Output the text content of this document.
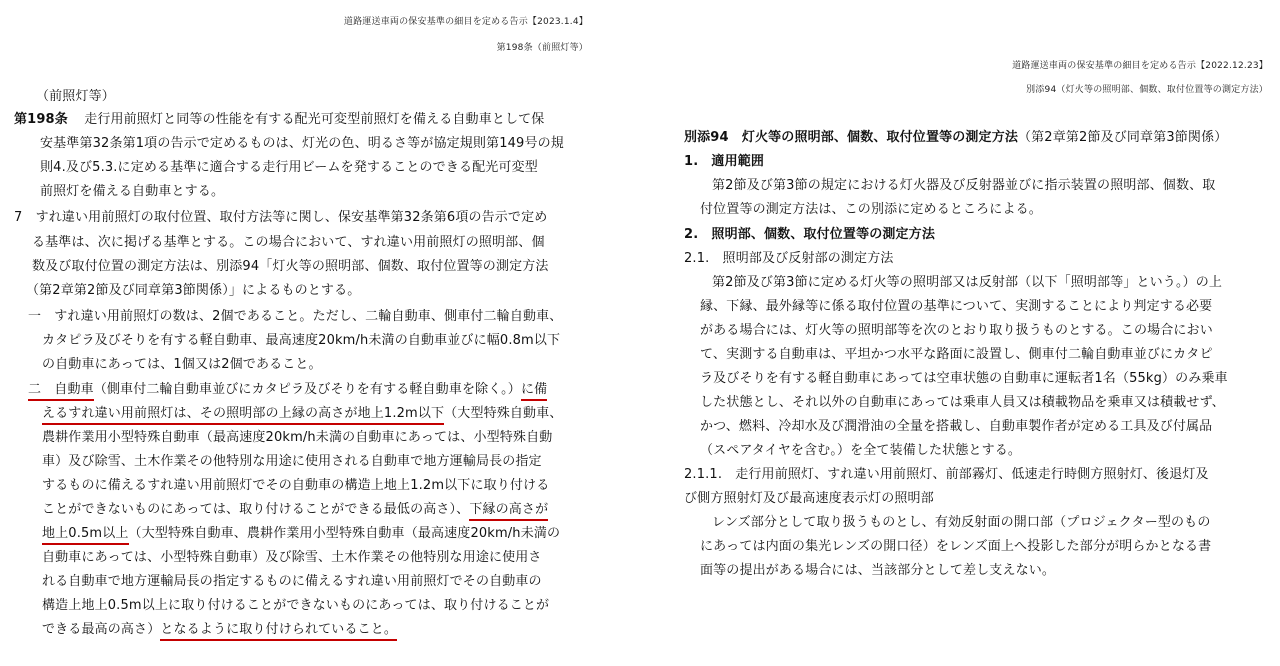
道路運送車両の保安基準の細目を定める告示【2023.1.4】
第198条（前照灯等）
（前照灯等）
第198条 走行用前照灯と同等の性能を有する配光可変型前照灯を備える自動車として保
安基準第32条第1項の告示で定めるものは、灯光の色、明るさ等が協定規則第149号の規
則4.及び5.3.に定める基準に適合する走行用ビームを発することのできる配光可変型
前照灯を備える自動車とする。
7　すれ違い用前照灯の取付位置、取付方法等に関し、保安基準第32条第6項の告示で定め
る基準は、次に掲げる基準とする。この場合において、すれ違い用前照灯の照明部、個
数及び取付位置の測定方法は、別添94「灯火等の照明部、個数、取付位置等の測定方法
（第2章第2節及び同章第3節関係）」によるものとする。
一　すれ違い用前照灯の数は、2個であること。ただし、二輪自動車、側車付二輪自動車、
カタピラ及びそりを有する軽自動車、最高速度20km/h未満の自動車並びに幅0.8m以下
の自動車にあっては、1個又は2個であること。
二　自動車（側車付二輪自動車並びにカタピラ及びそりを有する軽自動車を除く。）に備
えるすれ違い用前照灯は、その照明部の上縁の高さが地上1.2m以下（大型特殊自動車、
農耕作業用小型特殊自動車（最高速度20km/h未満の自動車にあっては、小型特殊自動
車）及び除雪、土木作業その他特別な用途に使用される自動車で地方運輸局長の指定
するものに備えるすれ違い用前照灯でその自動車の構造上地上1.2m以下に取り付ける
ことができないものにあっては、取り付けることができる最低の高さ）、下縁の高さが
地上0.5m以上（大型特殊自動車、農耕作業用小型特殊自動車（最高速度20km/h未満の
自動車にあっては、小型特殊自動車）及び除雪、土木作業その他特別な用途に使用さ
れる自動車で地方運輸局長の指定するものに備えるすれ違い用前照灯でその自動車の
構造上地上0.5m以上に取り付けることができないものにあっては、取り付けることが
できる最高の高さ）となるように取り付けられていること。
道路運送車両の保安基準の細目を定める告示【2022.12.23】
別添94（灯火等の照明部、個数、取付位置等の測定方法）
別添94　灯火等の照明部、個数、取付位置等の測定方法（第2章第2節及び同章第3節関係）
1.　適用範囲
第2節及び第3節の規定における灯火器及び反射器並びに指示装置の照明部、個数、取
付位置等の測定方法は、この別添に定めるところによる。
2.　照明部、個数、取付位置等の測定方法
2.1.　照明部及び反射部の測定方法
第2節及び第3節に定める灯火等の照明部又は反射部（以下「照明部等」という。）の上
縁、下縁、最外縁等に係る取付位置の基準について、実測することにより判定する必要
がある場合には、灯火等の照明部等を次のとおり取り扱うものとする。この場合におい
て、実測する自動車は、平坦かつ水平な路面に設置し、側車付二輪自動車並びにカタピ
ラ及びそりを有する軽自動車にあっては空車状態の自動車に運転者1名（55kg）のみ乗車
した状態とし、それ以外の自動車にあっては乗車人員又は積載物品を乗車又は積載せず、
かつ、燃料、冷却水及び潤滑油の全量を搭載し、自動車製作者が定める工具及び付属品
（スペアタイヤを含む。）を全て装備した状態とする。
2.1.1.　走行用前照灯、すれ違い用前照灯、前部霧灯、低速走行時側方照射灯、後退灯及
び側方照射灯及び最高速度表示灯の照明部
レンズ部分として取り扱うものとし、有効反射面の開口部（プロジェクター型のもの
にあっては内面の集光レンズの開口径）をレンズ面上へ投影した部分が明らかとなる書
面等の提出がある場合には、当該部分として差し支えない。
